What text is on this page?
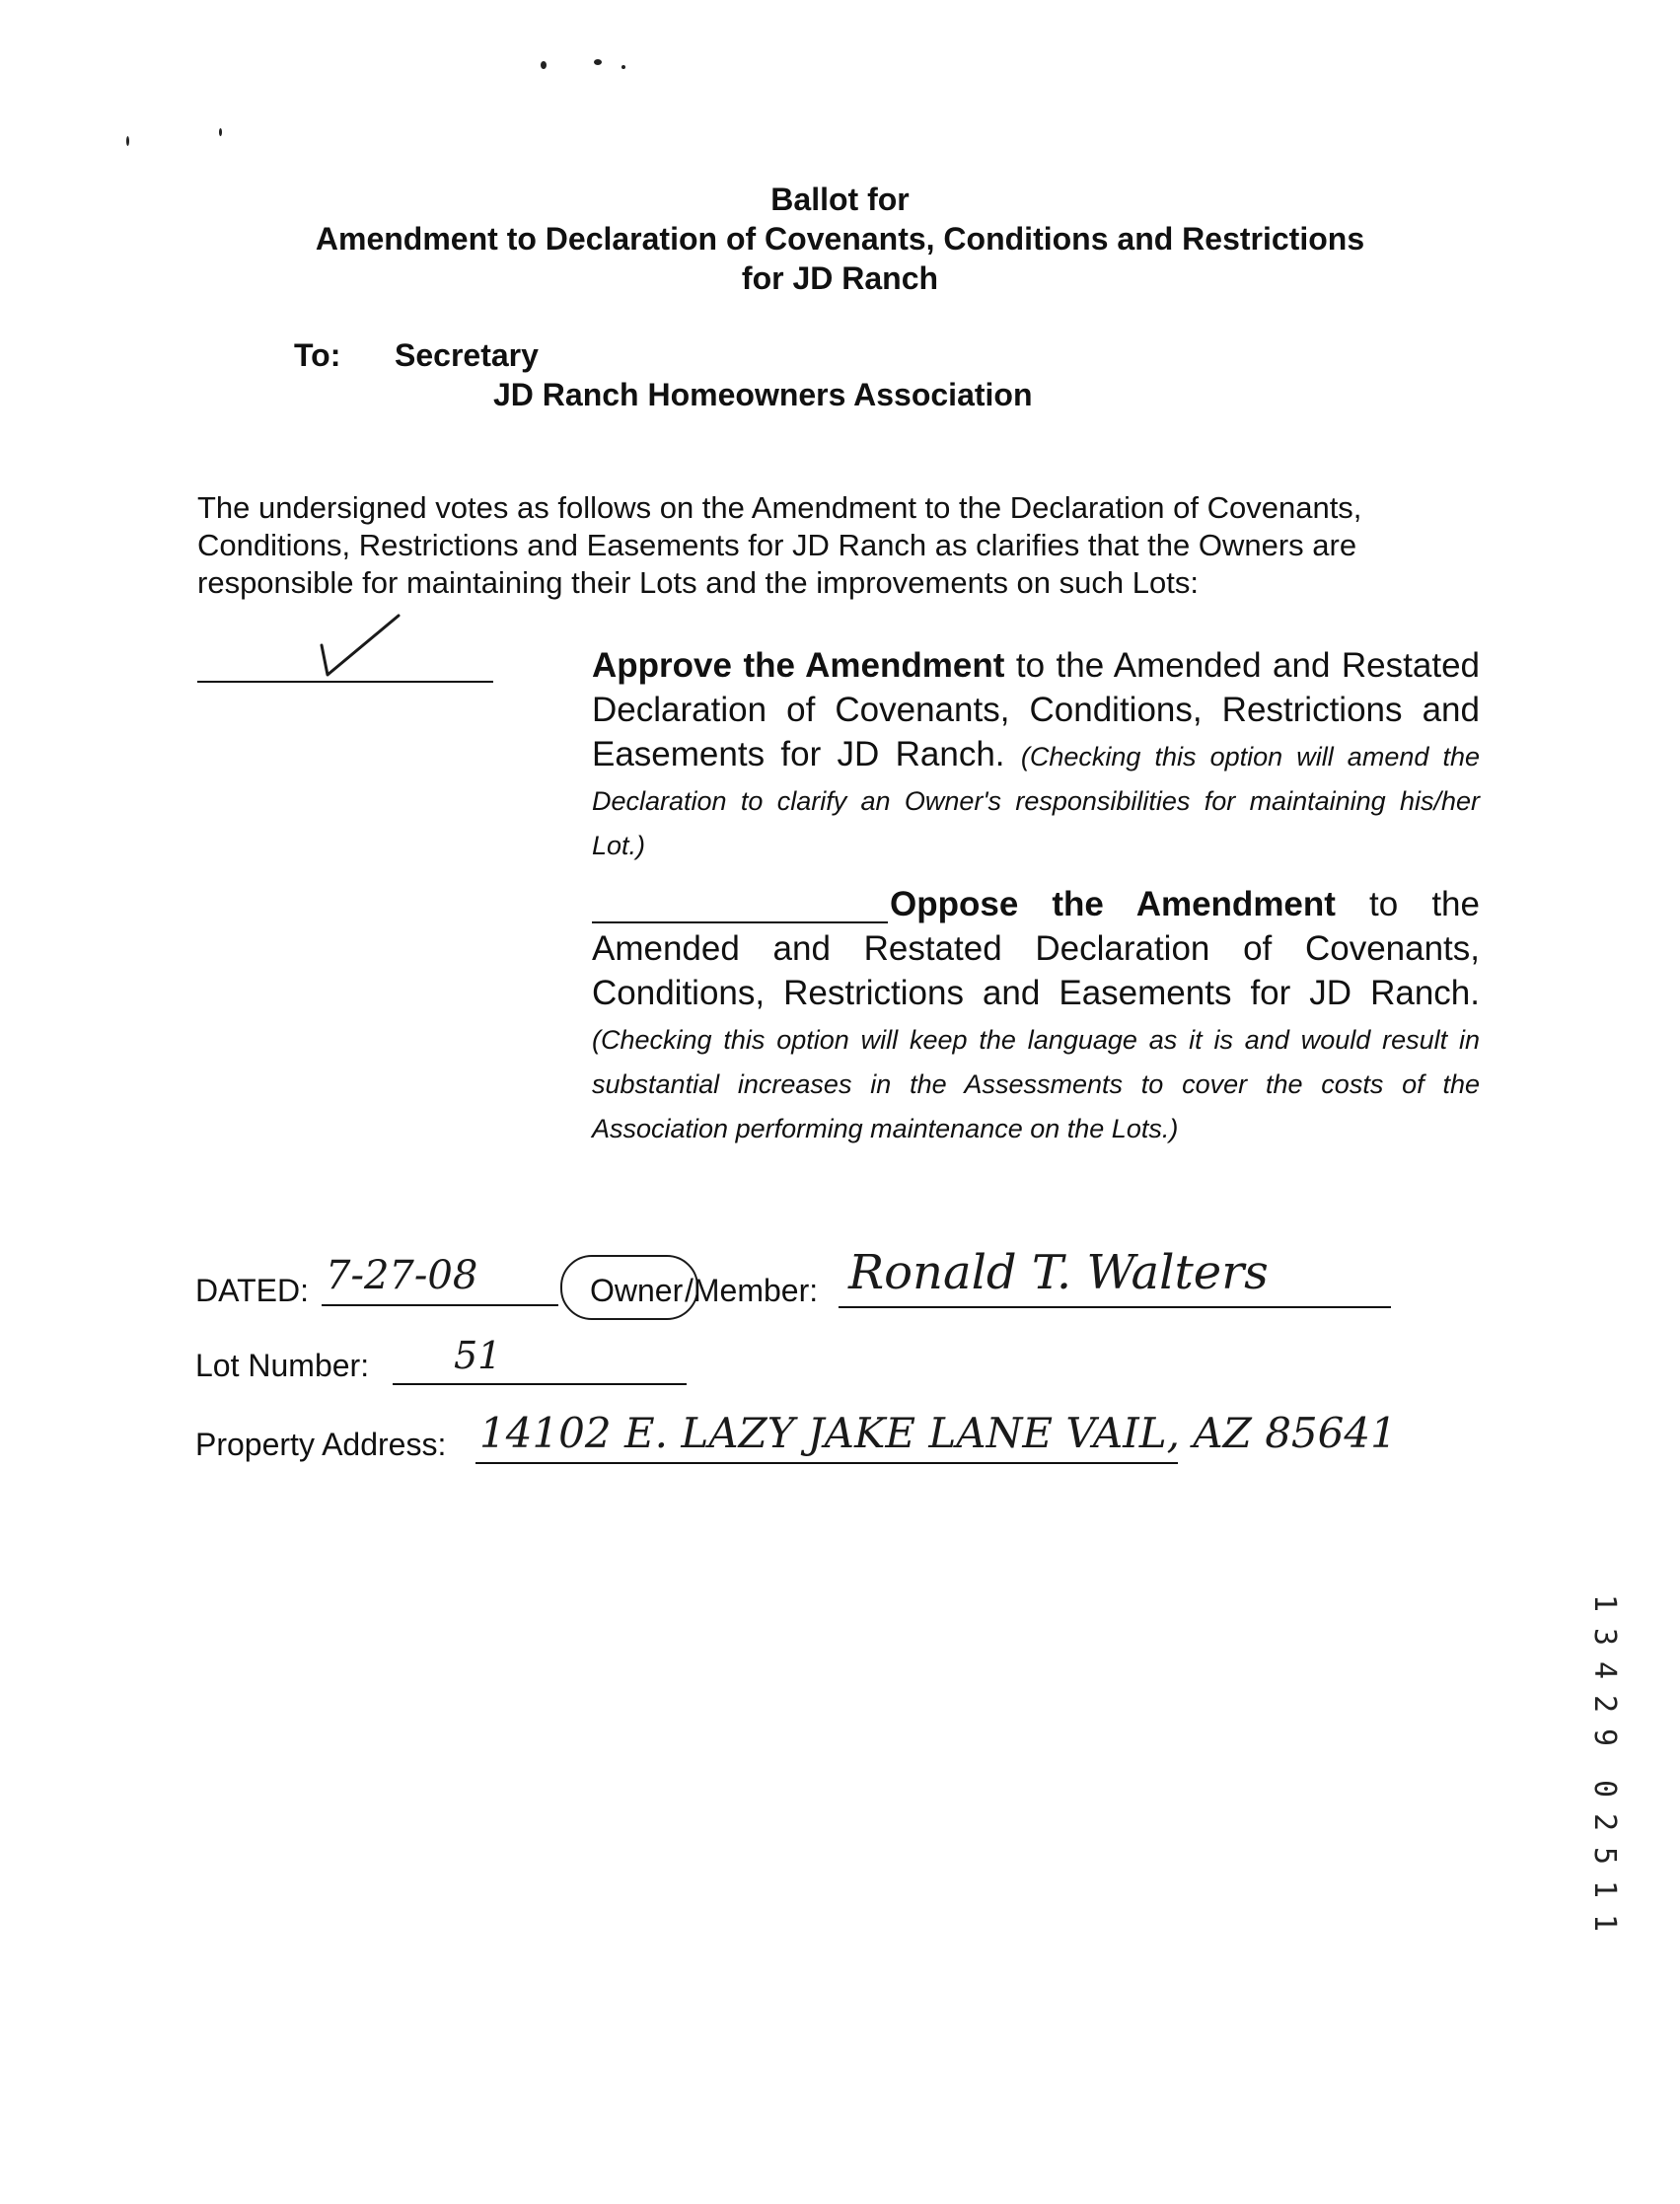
Ballot for
Amendment to Declaration of Covenants, Conditions and Restrictions
for JD Ranch
To: Secretary
JD Ranch Homeowners Association
The undersigned votes as follows on the Amendment to the Declaration of Covenants,
Conditions, Restrictions and Easements for JD Ranch as clarifies that the Owners are
responsible for maintaining their Lots and the improvements on such Lots:
Approve the Amendment to the Amended and Restated Declaration of Covenants, Conditions, Restrictions and Easements for JD Ranch. (Checking this option will amend the Declaration to clarify an Owner's responsibilities for maintaining his/her Lot.)
Oppose the Amendment to the Amended and Restated Declaration of Covenants, Conditions, Restrictions and Easements for JD Ranch. (Checking this option will keep the language as it is and would result in substantial increases in the Assessments to cover the costs of the Association performing maintenance on the Lots.)
DATED: 7-27-08	Owner /Member: Ronald T. Walters
Lot Number: 51
Property Address: 14102 E. LAZY JAKE LANE VAIL, AZ 85641
1
3
4
2
9
0
2
5
1
1
